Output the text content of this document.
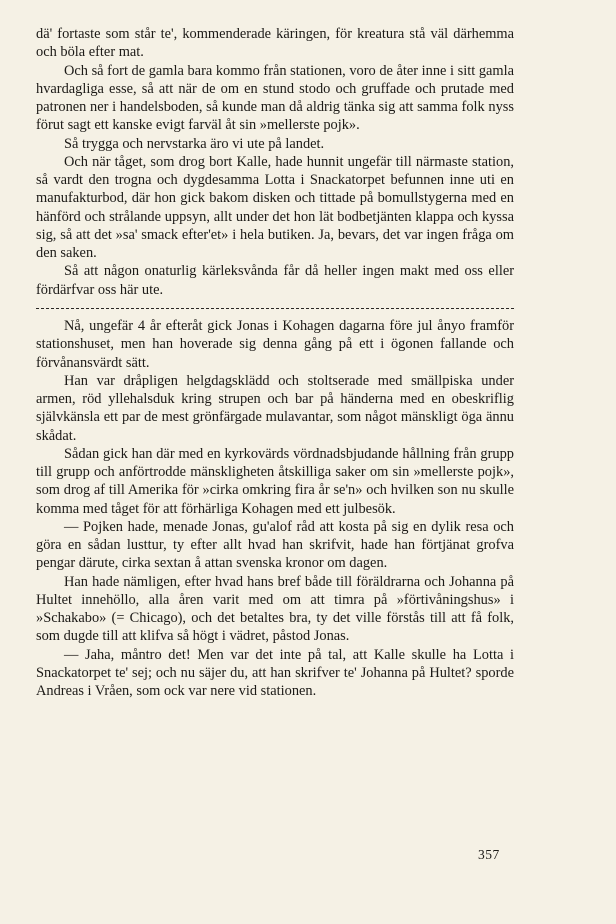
dä' fortaste som står te', kommenderade käringen, för kreatura stå väl därhemma och böla efter mat.

Och så fort de gamla bara kommo från stationen, voro de åter inne i sitt gamla hvardagliga esse, så att när de om en stund stodo och gruffade och prutade med patronen ner i handelsboden, så kunde man då aldrig tänka sig att samma folk nyss förut sagt ett kanske evigt farväl åt sin »mellerste pojk».

Så trygga och nervstarka äro vi ute på landet.

Och när tåget, som drog bort Kalle, hade hunnit ungefär till närmaste station, så vardt den trogna och dygdesamma Lotta i Snackatorpet befunnen inne uti en manufakturbod, där hon gick bakom disken och tittade på bomullstygerna med en hänförd och strålande uppsyn, allt under det hon lät bodbetjänten klappa och kyssa sig, så att det »sa' smack efter'et» i hela butiken. Ja, bevars, det var ingen fråga om den saken.

Så att någon onaturlig kärleksvånda får då heller ingen makt med oss eller fördärfvar oss här ute.

Nå, ungefär 4 år efteråt gick Jonas i Kohagen dagarna före jul ånyo framför stationshuset, men han hoverade sig denna gång på ett i ögonen fallande och förvånansvärdt sätt.

Han var dråpligen helgdagsklädd och stoltserade med smällpiska under armen, röd yllehalsduk kring strupen och bar på händerna med en obeskriflig självkänsla ett par de mest grönfärgade mulavantar, som något mänskligt öga ännu skådat.

Sådan gick han där med en kyrkovärds vördnadsbjudande hållning från grupp till grupp och anförtrodde mänskligheten åtskilliga saker om sin »mellerste pojk», som drog af till Amerika för »cirka omkring fira år se'n» och hvilken son nu skulle komma med tåget för att förhärliga Kohagen med ett julbesök.

— Pojken hade, menade Jonas, gu'alof råd att kosta på sig en dylik resa och göra en sådan lusttur, ty efter allt hvad han skrifvit, hade han förtjänat grofva pengar därute, cirka sextan å attan svenska kronor om dagen.

Han hade nämligen, efter hvad hans bref både till föräldrarna och Johanna på Hultet innehöllo, alla åren varit med om att timra på »förtivåningshus» i »Schakabo» (= Chicago), och det betaltes bra, ty det ville förstås till att få folk, som dugde till att klifva så högt i vädret, påstod Jonas.

— Jaha, måntro det! Men var det inte på tal, att Kalle skulle ha Lotta i Snackatorpet te' sej; och nu säjer du, att han skrifver te' Johanna på Hultet? sporde Andreas i Vråen, som ock var nere vid stationen.

357
